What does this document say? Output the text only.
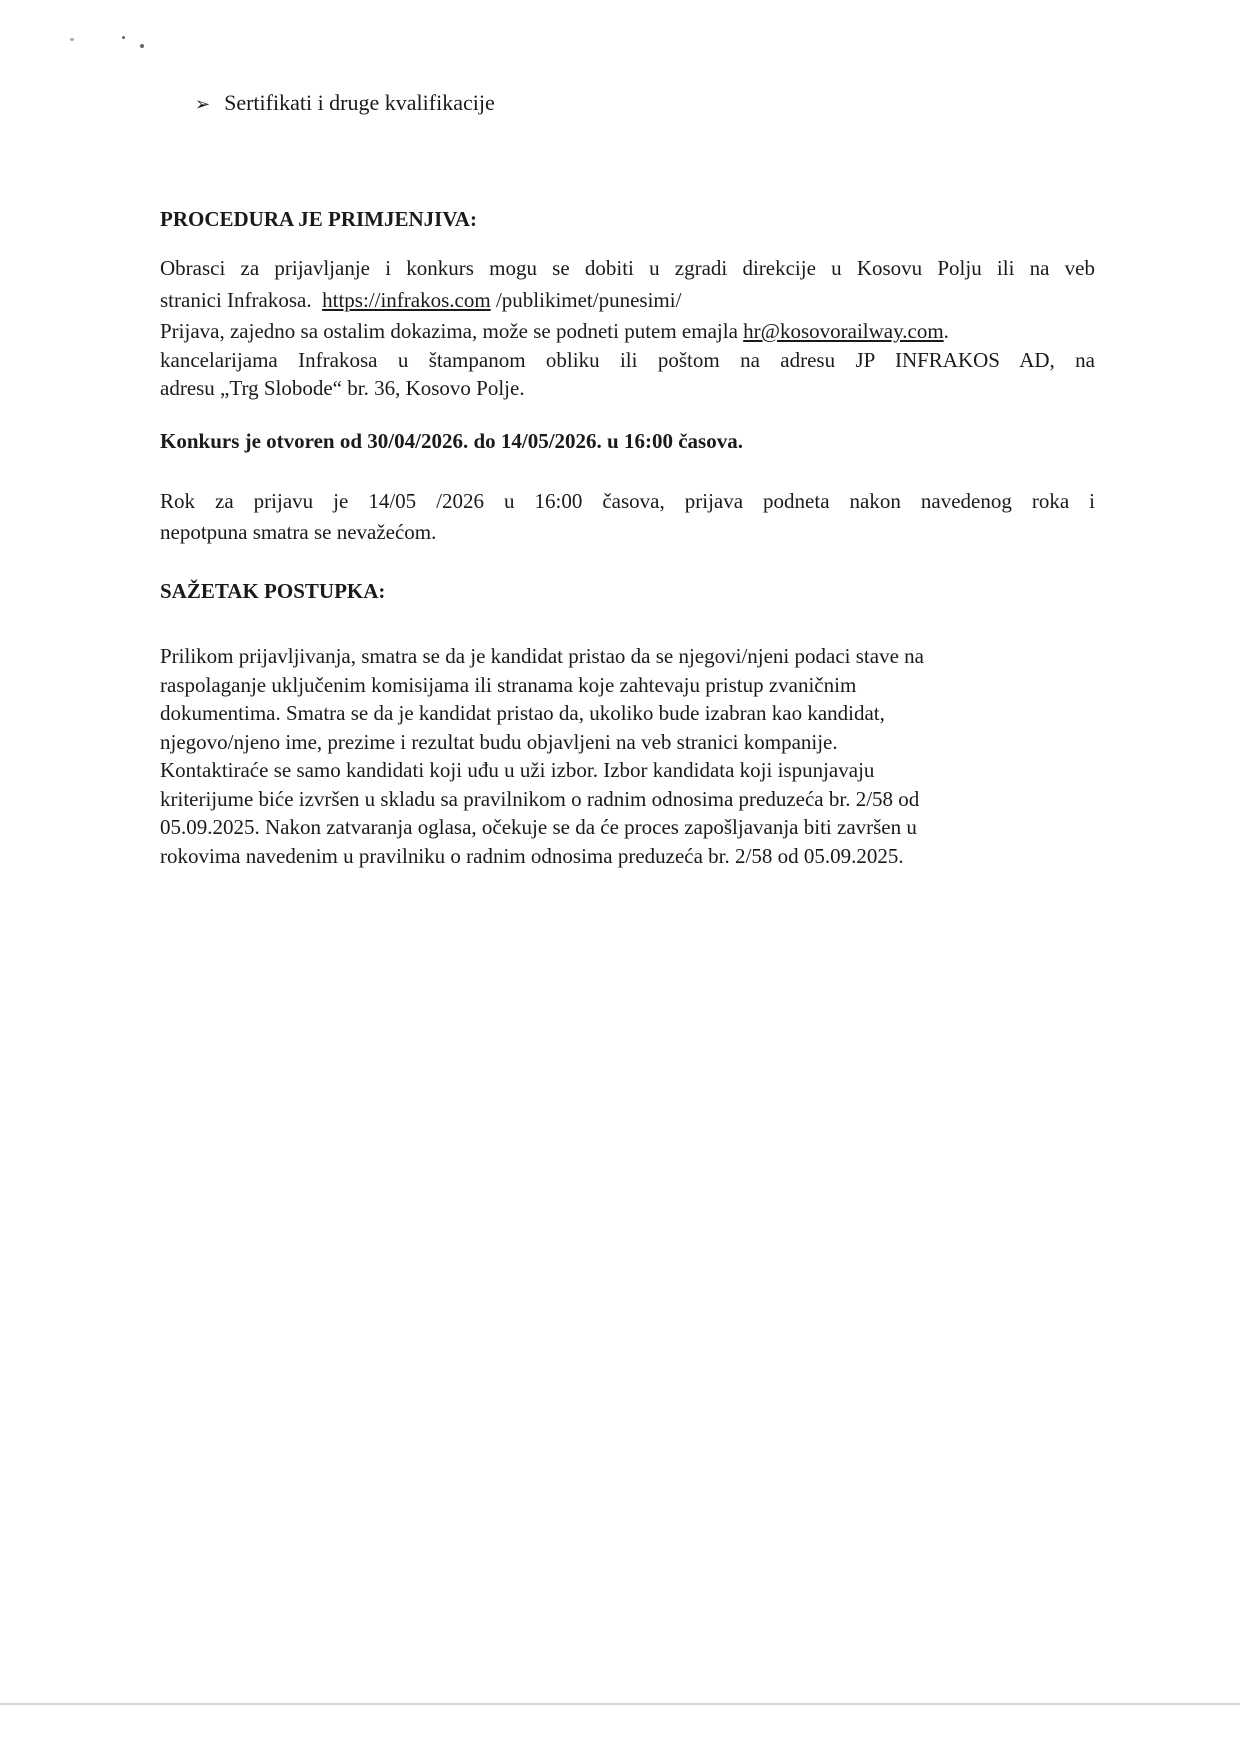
➢ Sertifikati i druge kvalifikacije
PROCEDURA JE PRIMJENJIVA:
Obrasci za prijavljanje i konkurs mogu se dobiti u zgradi direkcije u Kosovu Polju ili na veb
stranici Infrakosa. https://infrakos.com /publikimet/punesimi/
Prijava, zajedno sa ostalim dokazima, može se podneti putem emajla hr@kosovorailway.com.
kancelarijama Infrakosa u štampanom obliku ili poštom na adresu JP INFRAKOS AD, na
adresu „Trg Slobode“ br. 36, Kosovo Polje.
Konkurs je otvoren od 30/04/2026. do 14/05/2026. u 16:00 časova.
Rok za prijavu je 14/05 /2026 u 16:00 časova, prijava podneta nakon navedenog roka i
nepotpuna smatra se nevažećom.
SAŽETAK POSTUPKA:
Prilikom prijavljivanja, smatra se da je kandidat pristao da se njegovi/njeni podaci stave na
raspolaganje uključenim komisijama ili stranama koje zahtevaju pristup zvaničnim
dokumentima. Smatra se da je kandidat pristao da, ukoliko bude izabran kao kandidat,
njegovo/njeno ime, prezime i rezultat budu objavljeni na veb stranici kompanije.
Kontaktiraće se samo kandidati koji uđu u uži izbor. Izbor kandidata koji ispunjavaju
kriterijume biće izvršen u skladu sa pravilnikom o radnim odnosima preduzeća br. 2/58 od
05.09.2025. Nakon zatvaranja oglasa, očekuje se da će proces zapošljavanja biti završen u
rokovima navedenim u pravilniku o radnim odnosima preduzeća br. 2/58 od 05.09.2025.
